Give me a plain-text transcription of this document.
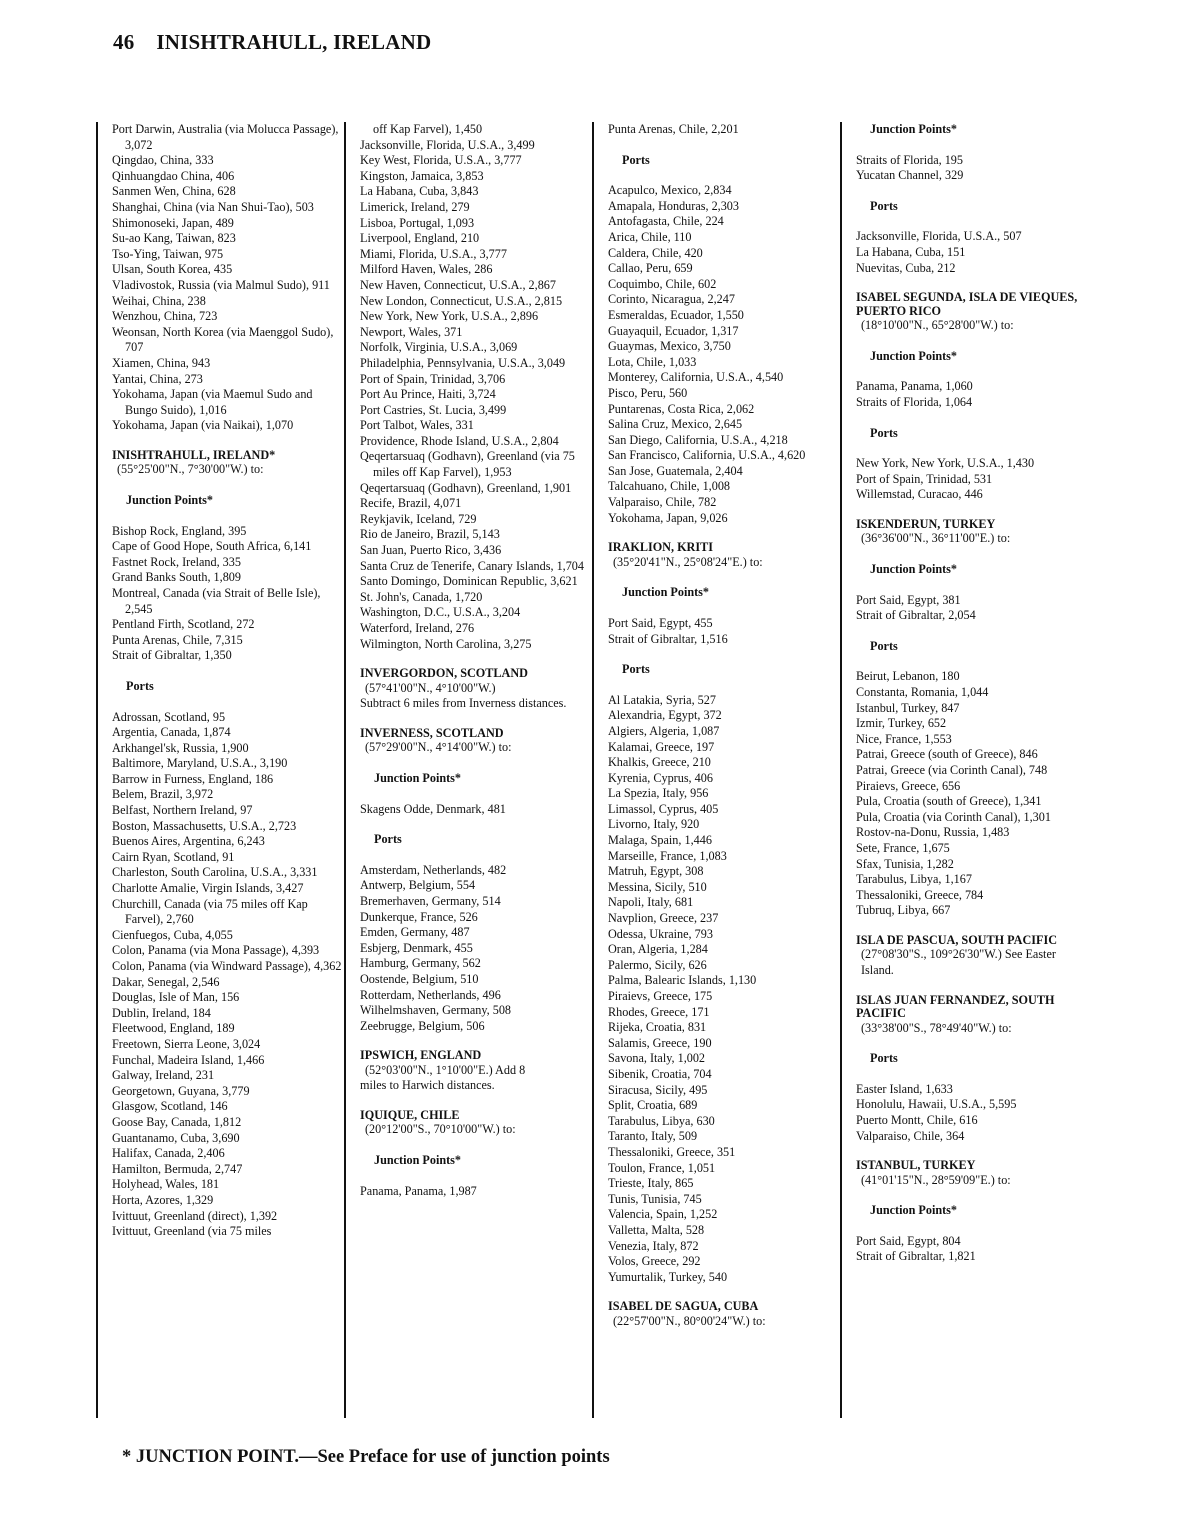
46 INISHTRAHULL, IRELAND
Port Darwin, Australia (via Molucca Passage), 3,072
Qingdao, China, 333
Qinhuangdao China, 406
Sanmen Wen, China, 628
Shanghai, China (via Nan Shui-Tao), 503
Shimonoseki, Japan, 489
Su-ao Kang, Taiwan, 823
Tso-Ying, Taiwan, 975
Ulsan, South Korea, 435
Vladivostok, Russia (via Malmul Sudo), 911
Weihai, China, 238
Wenzhou, China, 723
Weonsan, North Korea (via Maenggol Sudo), 707
Xiamen, China, 943
Yantai, China, 273
Yokohama, Japan (via Maemul Sudo and Bungo Suido), 1,016
Yokohama, Japan (via Naikai), 1,070
INISHTRAHULL, IRELAND*
(55°25'00"N., 7°30'00"W.) to:
Junction Points*
Bishop Rock, England, 395
Cape of Good Hope, South Africa, 6,141
Fastnet Rock, Ireland, 335
Grand Banks South, 1,809
Montreal, Canada (via Strait of Belle Isle), 2,545
Pentland Firth, Scotland, 272
Punta Arenas, Chile, 7,315
Strait of Gibraltar, 1,350
Ports
Adrossan, Scotland, 95
Argentia, Canada, 1,874
Arkhangel'sk, Russia, 1,900
Baltimore, Maryland, U.S.A., 3,190
Barrow in Furness, England, 186
Belem, Brazil, 3,972
Belfast, Northern Ireland, 97
Boston, Massachusetts, U.S.A., 2,723
Buenos Aires, Argentina, 6,243
Cairn Ryan, Scotland, 91
Charleston, South Carolina, U.S.A., 3,331
Charlotte Amalie, Virgin Islands, 3,427
Churchill, Canada (via 75 miles off Kap Farvel), 2,760
Cienfuegos, Cuba, 4,055
Colon, Panama (via Mona Passage), 4,393
Colon, Panama (via Windward Passage), 4,362
Dakar, Senegal, 2,546
Douglas, Isle of Man, 156
Dublin, Ireland, 184
Fleetwood, England, 189
Freetown, Sierra Leone, 3,024
Funchal, Madeira Island, 1,466
Galway, Ireland, 231
Georgetown, Guyana, 3,779
Glasgow, Scotland, 146
Goose Bay, Canada, 1,812
Guantanamo, Cuba, 3,690
Halifax, Canada, 2,406
Hamilton, Bermuda, 2,747
Holyhead, Wales, 181
Horta, Azores, 1,329
Ivittuut, Greenland (direct), 1,392
Ivittuut, Greenland (via 75 miles
off Kap Farvel), 1,450
Jacksonville, Florida, U.S.A., 3,499
Key West, Florida, U.S.A., 3,777
Kingston, Jamaica, 3,853
La Habana, Cuba, 3,843
Limerick, Ireland, 279
Lisboa, Portugal, 1,093
Liverpool, England, 210
Miami, Florida, U.S.A., 3,777
Milford Haven, Wales, 286
New Haven, Connecticut, U.S.A., 2,867
New London, Connecticut, U.S.A., 2,815
New York, New York, U.S.A., 2,896
Newport, Wales, 371
Norfolk, Virginia, U.S.A., 3,069
Philadelphia, Pennsylvania, U.S.A., 3,049
Port of Spain, Trinidad, 3,706
Port Au Prince, Haiti, 3,724
Port Castries, St. Lucia, 3,499
Port Talbot, Wales, 331
Providence, Rhode Island, U.S.A., 2,804
Qeqertarsuaq (Godhavn), Greenland (via 75 miles off Kap Farvel), 1,953
Qeqertarsuaq (Godhavn), Greenland, 1,901
Recife, Brazil, 4,071
Reykjavik, Iceland, 729
Rio de Janeiro, Brazil, 5,143
San Juan, Puerto Rico, 3,436
Santa Cruz de Tenerife, Canary Islands, 1,704
Santo Domingo, Dominican Republic, 3,621
St. John's, Canada, 1,720
Washington, D.C., U.S.A., 3,204
Waterford, Ireland, 276
Wilmington, North Carolina, 3,275
INVERGORDON, SCOTLAND
(57°41'00"N., 4°10'00"W.)
Subtract 6 miles from Inverness distances.
INVERNESS, SCOTLAND
(57°29'00"N., 4°14'00"W.) to:
Junction Points*
Skagens Odde, Denmark, 481
Ports
Amsterdam, Netherlands, 482
Antwerp, Belgium, 554
Bremerhaven, Germany, 514
Dunkerque, France, 526
Emden, Germany, 487
Esbjerg, Denmark, 455
Hamburg, Germany, 562
Oostende, Belgium, 510
Rotterdam, Netherlands, 496
Wilhelmshaven, Germany, 508
Zeebrugge, Belgium, 506
IPSWICH, ENGLAND
(52°03'00"N., 1°10'00"E.) Add 8
miles to Harwich distances.
IQUIQUE, CHILE
(20°12'00"S., 70°10'00"W.) to:
Junction Points*
Panama, Panama, 1,987
Punta Arenas, Chile, 2,201
Ports
Acapulco, Mexico, 2,834
Amapala, Honduras, 2,303
Antofagasta, Chile, 224
Arica, Chile, 110
Caldera, Chile, 420
Callao, Peru, 659
Coquimbo, Chile, 602
Corinto, Nicaragua, 2,247
Esmeraldas, Ecuador, 1,550
Guayaquil, Ecuador, 1,317
Guaymas, Mexico, 3,750
Lota, Chile, 1,033
Monterey, California, U.S.A., 4,540
Pisco, Peru, 560
Puntarenas, Costa Rica, 2,062
Salina Cruz, Mexico, 2,645
San Diego, California, U.S.A., 4,218
San Francisco, California, U.S.A., 4,620
San Jose, Guatemala, 2,404
Talcahuano, Chile, 1,008
Valparaiso, Chile, 782
Yokohama, Japan, 9,026
IRAKLION, KRITI
(35°20'41"N., 25°08'24"E.) to:
Junction Points*
Port Said, Egypt, 455
Strait of Gibraltar, 1,516
Ports
Al Latakia, Syria, 527
Alexandria, Egypt, 372
Algiers, Algeria, 1,087
Kalamai, Greece, 197
Khalkis, Greece, 210
Kyrenia, Cyprus, 406
La Spezia, Italy, 956
Limassol, Cyprus, 405
Livorno, Italy, 920
Malaga, Spain, 1,446
Marseille, France, 1,083
Matruh, Egypt, 308
Messina, Sicily, 510
Napoli, Italy, 681
Navplion, Greece, 237
Odessa, Ukraine, 793
Oran, Algeria, 1,284
Palermo, Sicily, 626
Palma, Balearic Islands, 1,130
Piraievs, Greece, 175
Rhodes, Greece, 171
Rijeka, Croatia, 831
Salamis, Greece, 190
Savona, Italy, 1,002
Sibenik, Croatia, 704
Siracusa, Sicily, 495
Split, Croatia, 689
Tarabulus, Libya, 630
Taranto, Italy, 509
Thessaloniki, Greece, 351
Toulon, France, 1,051
Trieste, Italy, 865
Tunis, Tunisia, 745
Valencia, Spain, 1,252
Valletta, Malta, 528
Venezia, Italy, 872
Volos, Greece, 292
Yumurtalik, Turkey, 540
ISABEL DE SAGUA, CUBA
(22°57'00"N., 80°00'24"W.) to:
Junction Points*
Straits of Florida, 195
Yucatan Channel, 329
Ports
Jacksonville, Florida, U.S.A., 507
La Habana, Cuba, 151
Nuevitas, Cuba, 212
ISABEL SEGUNDA, ISLA DE VIEQUES, PUERTO RICO
(18°10'00"N., 65°28'00"W.) to:
Junction Points*
Panama, Panama, 1,060
Straits of Florida, 1,064
Ports
New York, New York, U.S.A., 1,430
Port of Spain, Trinidad, 531
Willemstad, Curacao, 446
ISKENDERUN, TURKEY
(36°36'00"N., 36°11'00"E.) to:
Junction Points*
Port Said, Egypt, 381
Strait of Gibraltar, 2,054
Ports
Beirut, Lebanon, 180
Constanta, Romania, 1,044
Istanbul, Turkey, 847
Izmir, Turkey, 652
Nice, France, 1,553
Patrai, Greece (south of Greece), 846
Patrai, Greece (via Corinth Canal), 748
Piraievs, Greece, 656
Pula, Croatia (south of Greece), 1,341
Pula, Croatia (via Corinth Canal), 1,301
Rostov-na-Donu, Russia, 1,483
Sete, France, 1,675
Sfax, Tunisia, 1,282
Tarabulus, Libya, 1,167
Thessaloniki, Greece, 784
Tubruq, Libya, 667
ISLA DE PASCUA, SOUTH PACIFIC
(27°08'30"S., 109°26'30"W.) See Easter Island.
ISLAS JUAN FERNANDEZ, SOUTH PACIFIC
(33°38'00"S., 78°49'40"W.) to:
Ports
Easter Island, 1,633
Honolulu, Hawaii, U.S.A., 5,595
Puerto Montt, Chile, 616
Valparaiso, Chile, 364
ISTANBUL, TURKEY
(41°01'15"N., 28°59'09"E.) to:
Junction Points*
Port Said, Egypt, 804
Strait of Gibraltar, 1,821
* JUNCTION POINT.—See Preface for use of junction points
